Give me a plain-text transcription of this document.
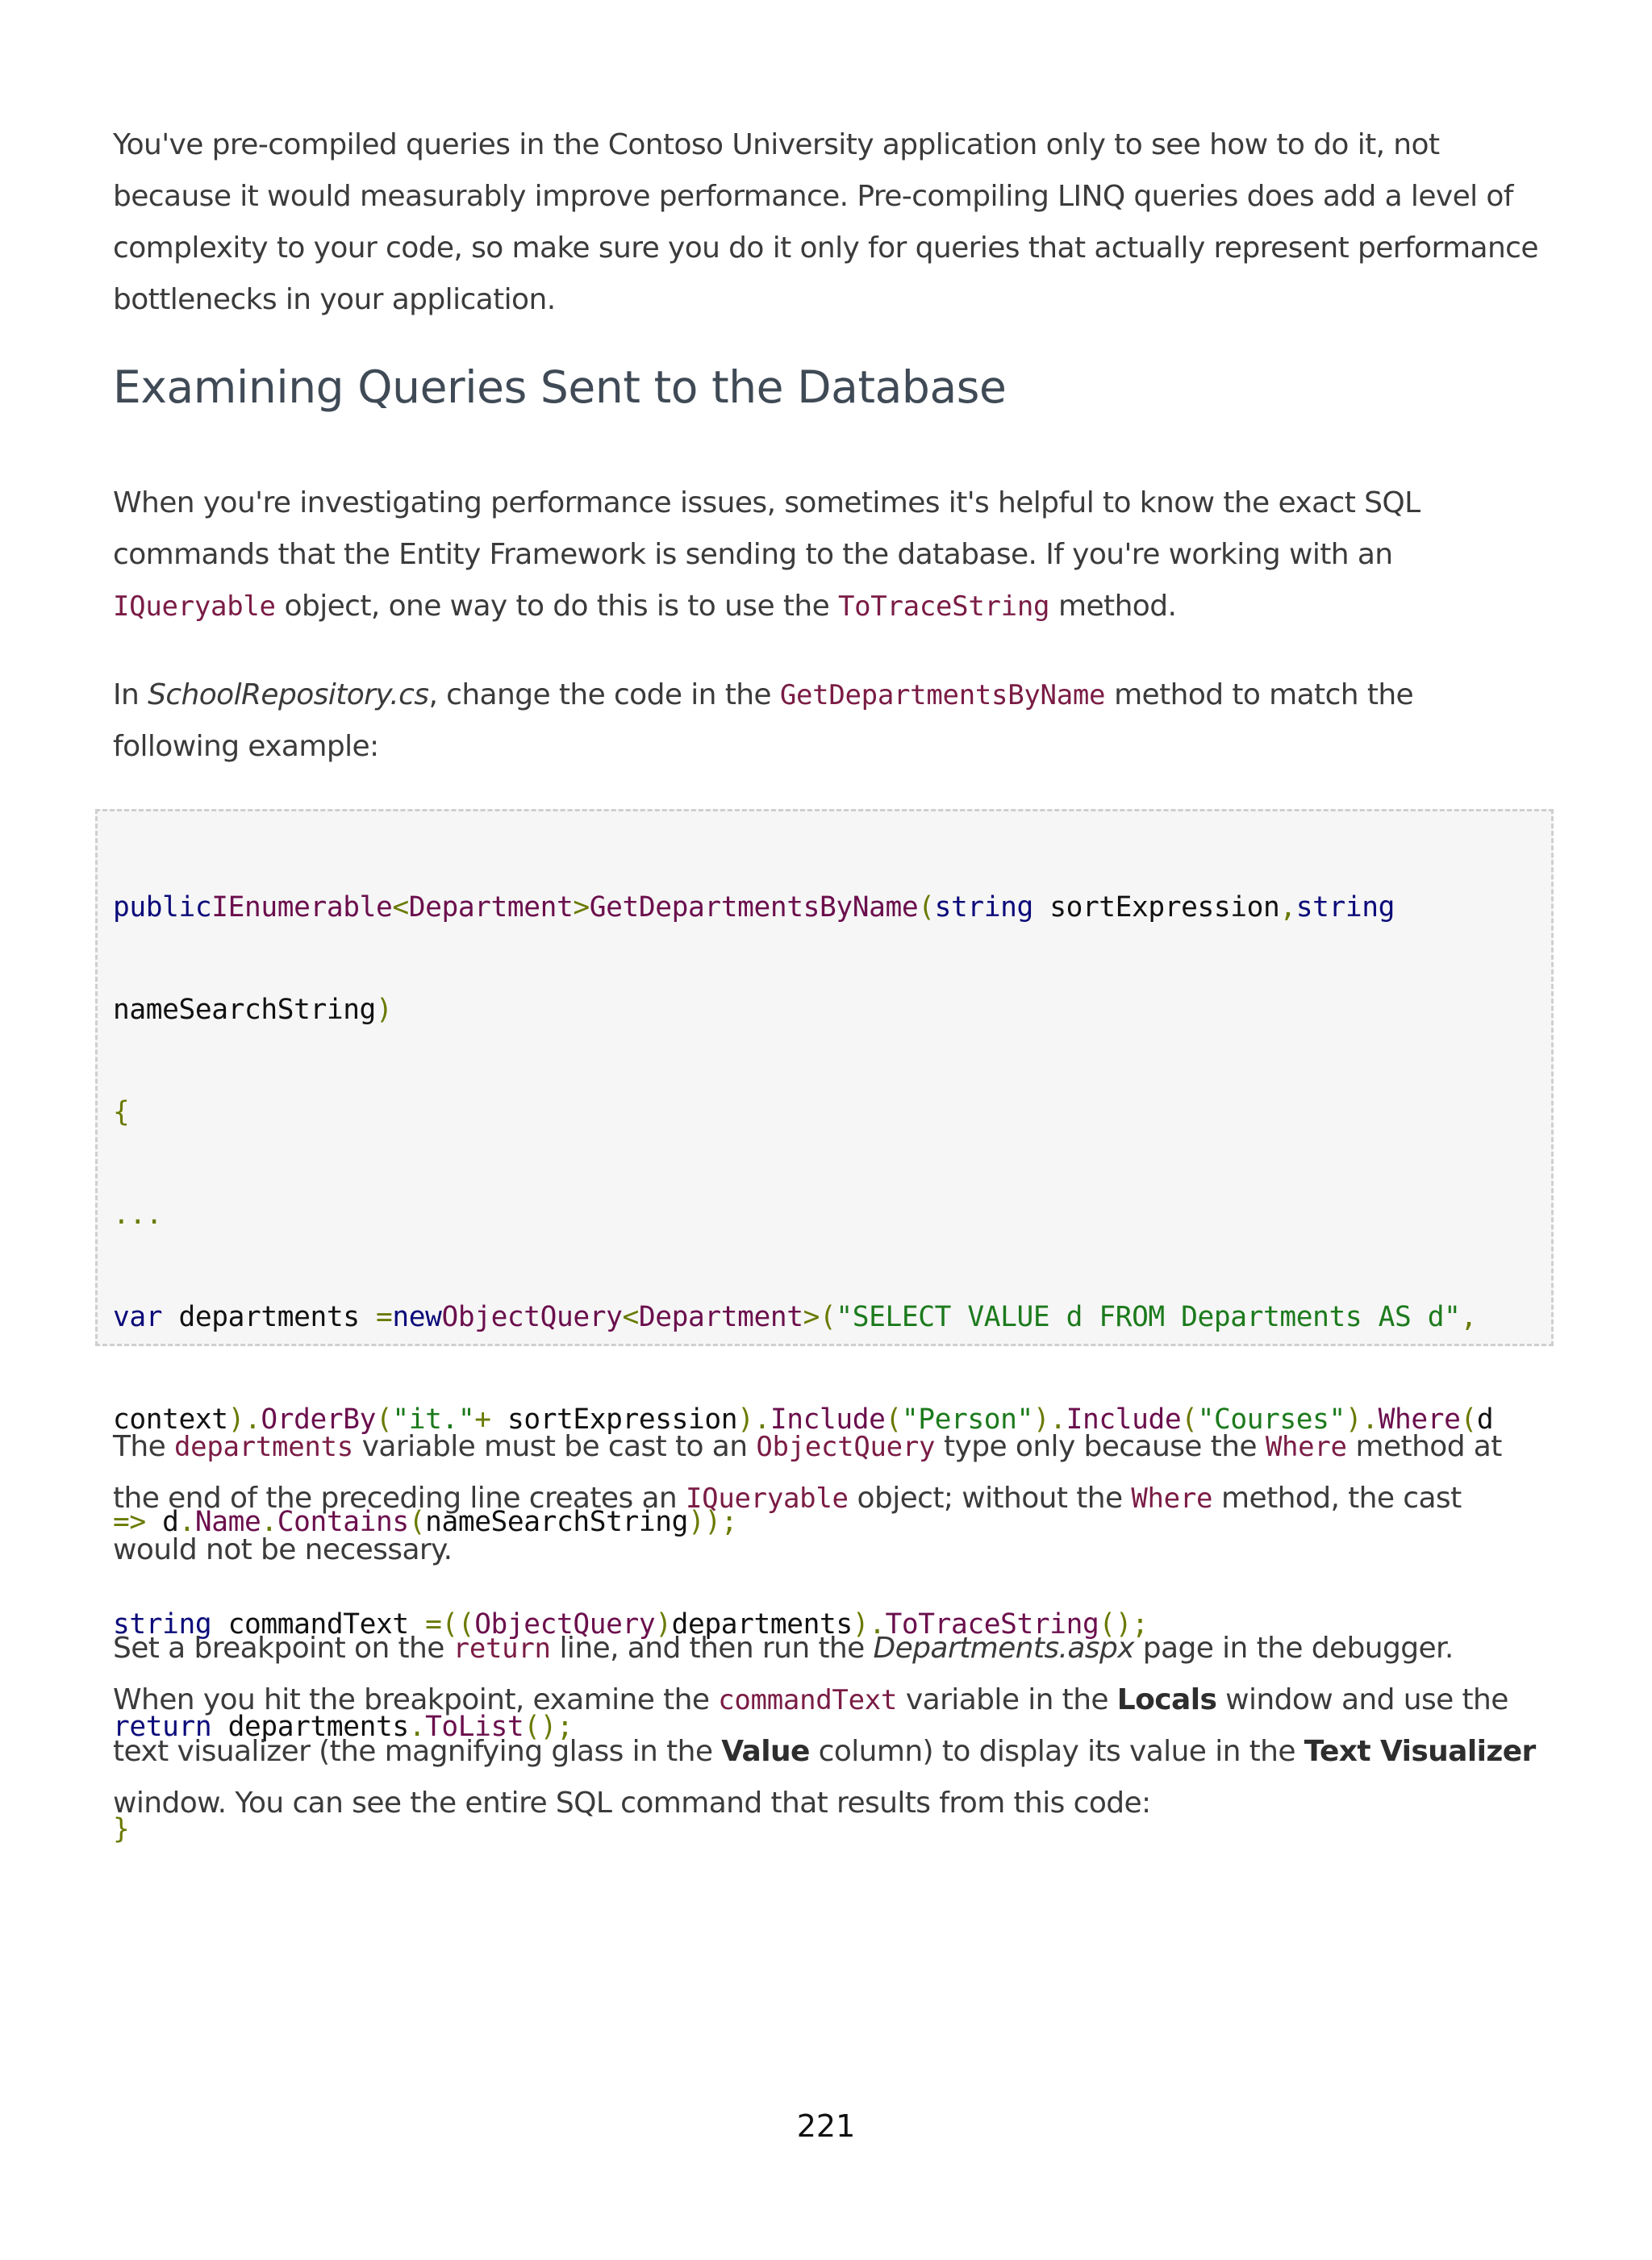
You've pre-compiled queries in the Contoso University application only to see how to do it, not because it would measurably improve performance. Pre-compiling LINQ queries does add a level of complexity to your code, so make sure you do it only for queries that actually represent performance bottlenecks in your application.

Examining Queries Sent to the Database

When you're investigating performance issues, sometimes it's helpful to know the exact SQL commands that the Entity Framework is sending to the database. If you're working with an IQueryable object, one way to do this is to use the ToTraceString method.

In SchoolRepository.cs, change the code in the GetDepartmentsByName method to match the following example:

publicIEnumerable<Department>GetDepartmentsByName(string sortExpression,string

nameSearchString)

{

...

var departments =newObjectQuery<Department>("SELECT VALUE d FROM Departments AS d",

context).OrderBy("it."+ sortExpression).Include("Person").Include("Courses").Where(d

=> d.Name.Contains(nameSearchString));

string commandText =((ObjectQuery)departments).ToTraceString();

return departments.ToList();

}

The departments variable must be cast to an ObjectQuery type only because the Where method at the end of the preceding line creates an IQueryable object; without the Where method, the cast would not be necessary.

Set a breakpoint on the return line, and then run the Departments.aspx page in the debugger. When you hit the breakpoint, examine the commandText variable in the Locals window and use the text visualizer (the magnifying glass in the Value column) to display its value in the Text Visualizer window. You can see the entire SQL command that results from this code:

221
